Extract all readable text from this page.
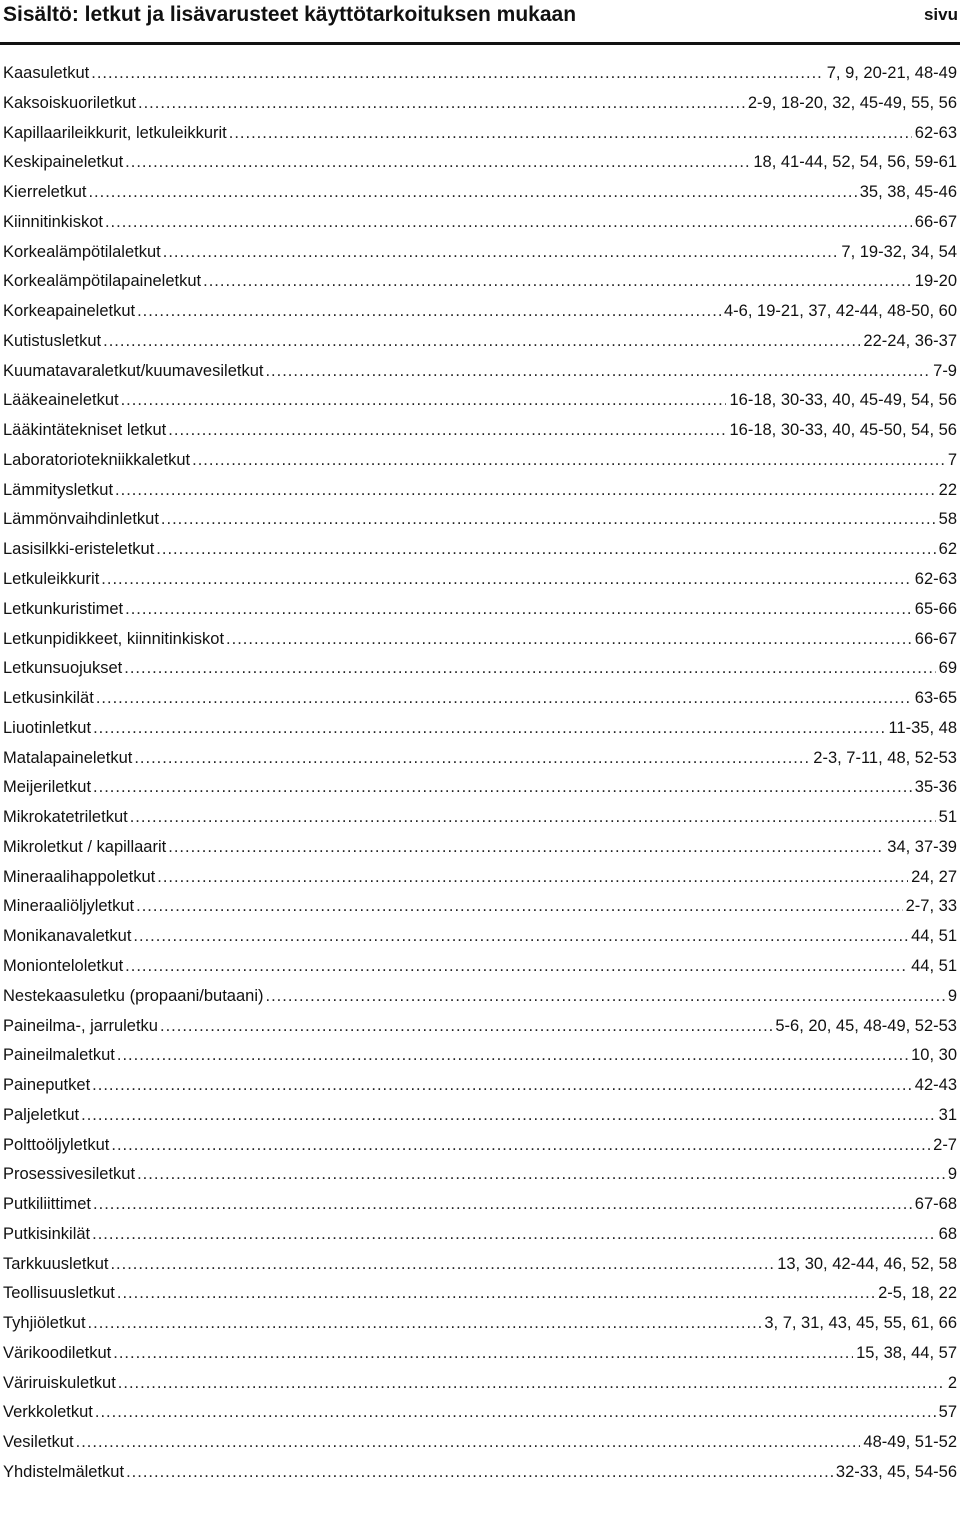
Sisältö: letkut ja lisävarusteet käyttötarkoituksen mukaan	sivu
Kaasuletkut .....	7, 9, 20-21, 48-49
Kaksoiskuoriletkut .....	2-9, 18-20, 32, 45-49, 55, 56
Kapillaarileikkurit, letkuleikkurit .....	62-63
Keskipaineletkut .....	18, 41-44, 52, 54, 56, 59-61
Kierreletkut .....	35, 38, 45-46
Kiinnitinkiskot .....	66-67
Korkealämpötilaletkut .....	7, 19-32, 34, 54
Korkealämpötilapaineletkut .....	19-20
Korkeapaineletkut .....	4-6, 19-21, 37, 42-44, 48-50, 60
Kutistusletkut .....	22-24, 36-37
Kuumatavaraletkut/kuumavesiletkut .....	7-9
Lääkeaineletkut .....	16-18, 30-33, 40, 45-49, 54, 56
Lääkintätekniset letkut .....	16-18, 30-33, 40, 45-50, 54, 56
Laboratoriotekniikkaletkut .....	7
Lämmitysletkut .....	22
Lämmönvaihdinletkut .....	58
Lasisilkki-eristeletkut .....	62
Letkuleikkurit .....	62-63
Letkunkuristimet .....	65-66
Letkunpidikkeet, kiinnitinkiskot .....	66-67
Letkunsuojukset .....	69
Letkusinkilät .....	63-65
Liuotinletkut .....	11-35, 48
Matalapaineletkut .....	2-3, 7-11, 48, 52-53
Meijeriletkut .....	35-36
Mikrokatetriletkut .....	51
Mikroletkut / kapillaarit .....	34, 37-39
Mineraalihappoletkut .....	24, 27
Mineraaliöljyletkut .....	2-7, 33
Monikanavaletkut .....	44, 51
Monionteloletkut .....	44, 51
Nestekaasuletku (propaani/butaani) .....	9
Paineilma-, jarruletku .....	5-6, 20, 45, 48-49, 52-53
Paineilmaletkut .....	10, 30
Paineputket .....	42-43
Paljeletkut .....	31
Polttoöljyletkut .....	2-7
Prosessivesiletkut .....	9
Putkiliittimet .....	67-68
Putkisinkilät .....	68
Tarkkuusletkut .....	13, 30, 42-44, 46, 52, 58
Teollisuusletkut .....	2-5, 18, 22
Tyhjiöletkut .....	3, 7, 31, 43, 45, 55, 61, 66
Värikoodiletkut .....	15, 38, 44, 57
Väriruiskuletkut .....	2
Verkkoletkut .....	57
Vesiletkut .....	48-49, 51-52
Yhdistelmäletkut .....	32-33, 45, 54-56
